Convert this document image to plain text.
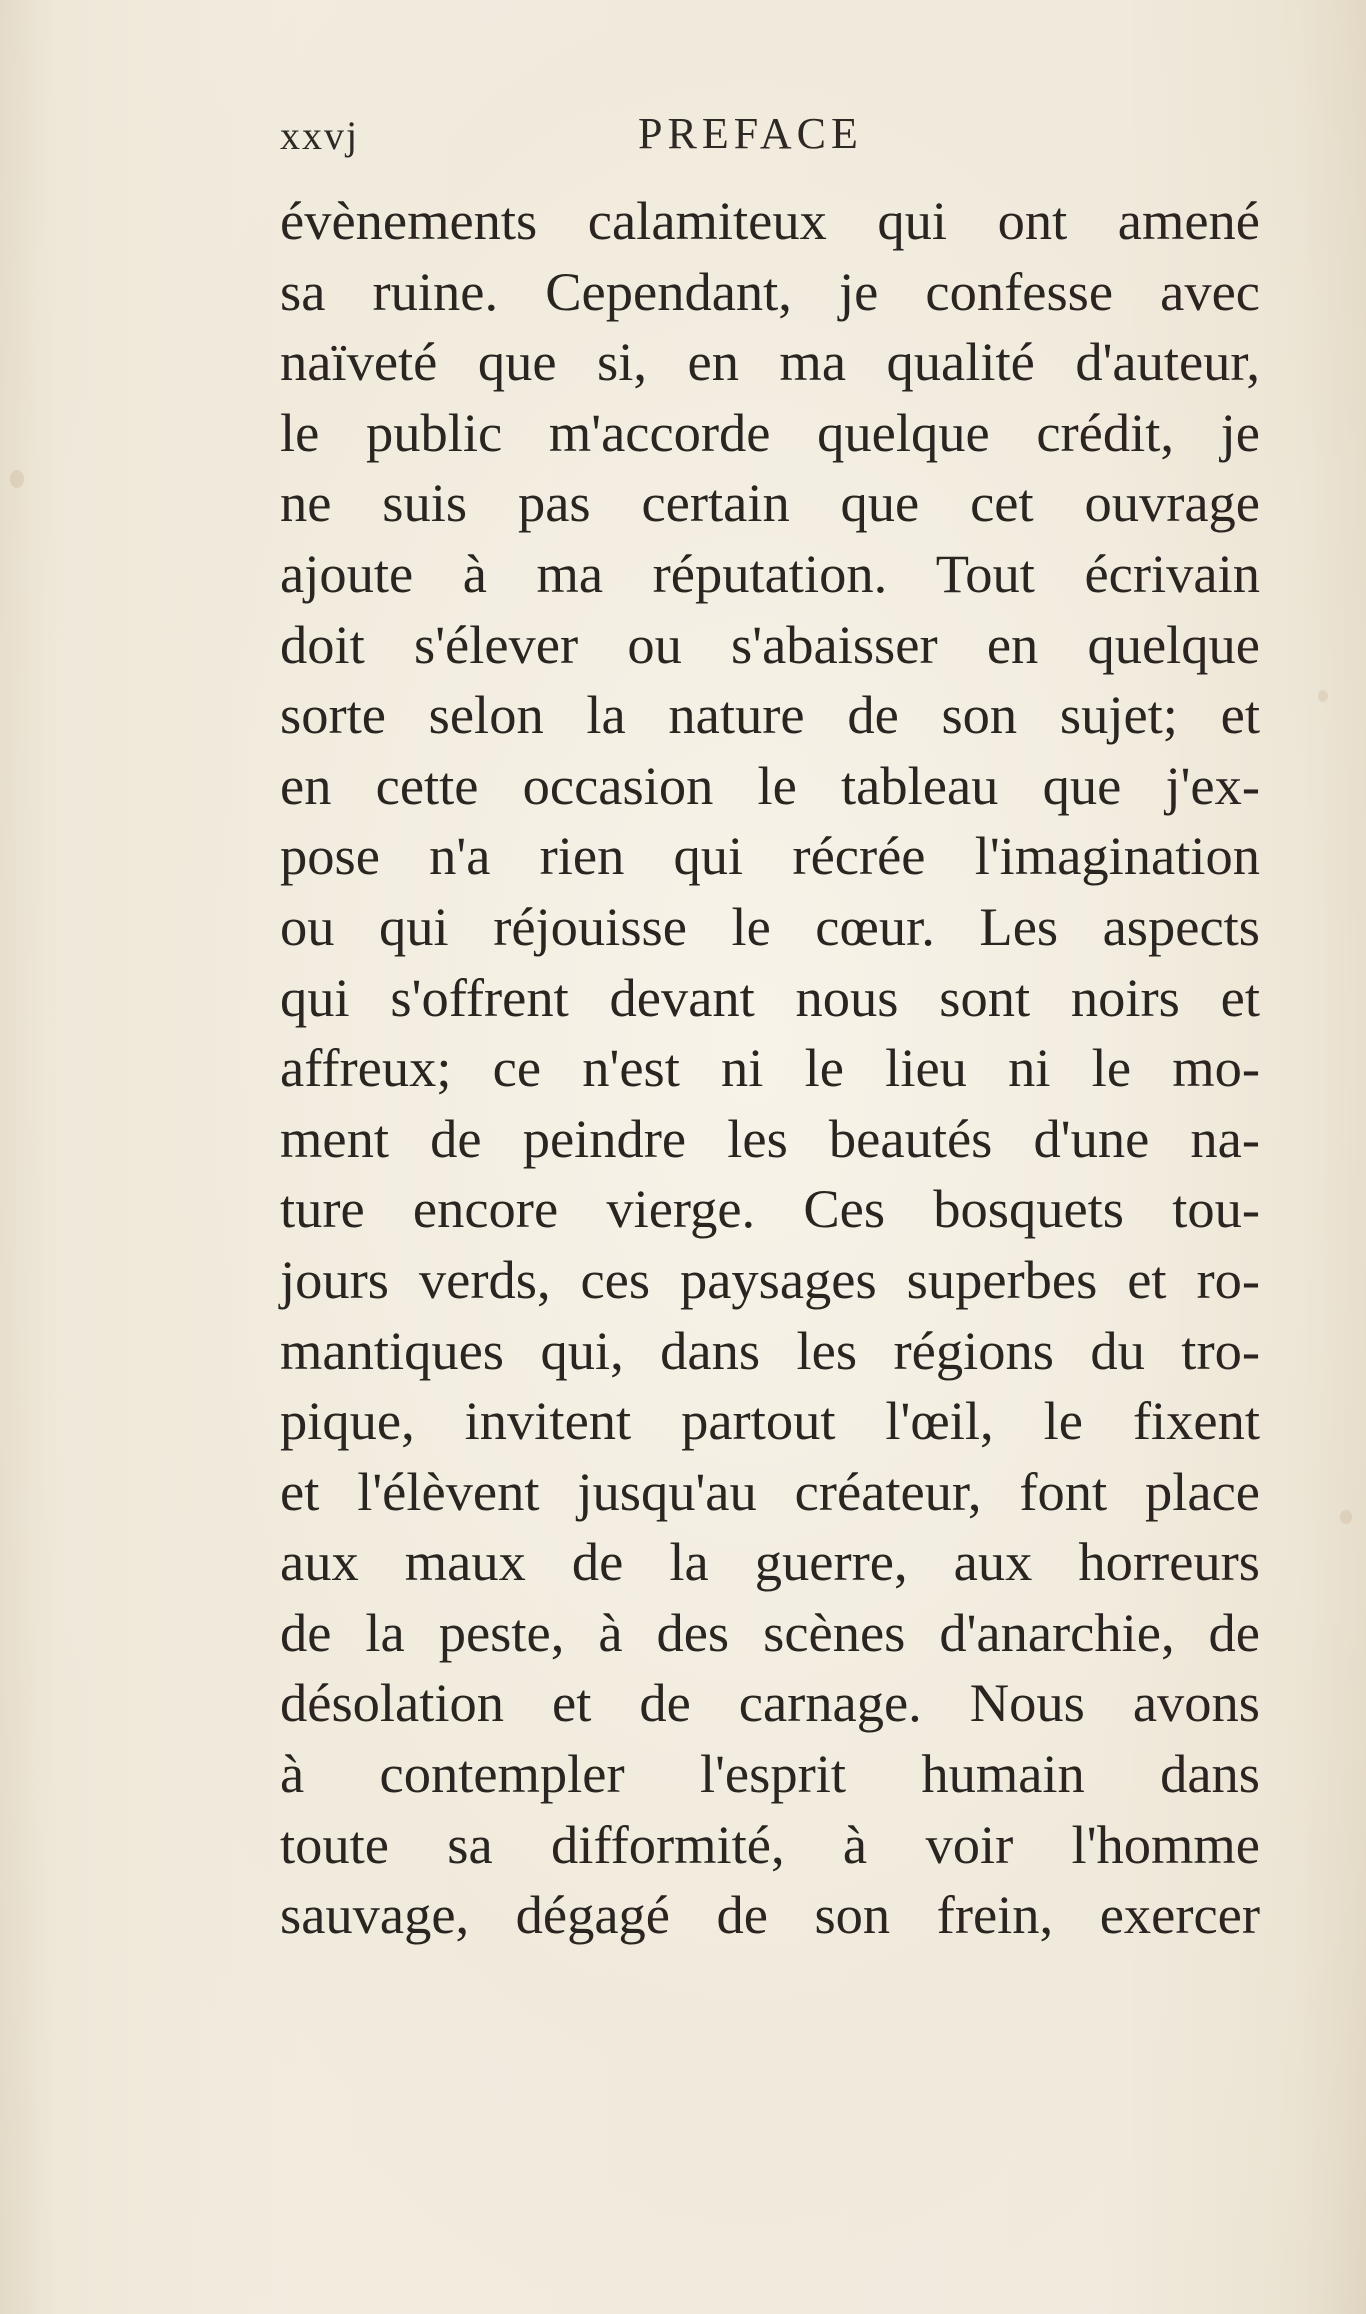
xxvj	PREFACE
évènements calamiteux qui ont amené
sa ruine. Cependant, je confesse avec
naïveté que si, en ma qualité d'auteur,
le public m'accorde quelque crédit, je
ne suis pas certain que cet ouvrage
ajoute à ma réputation. Tout écrivain
doit s'élever ou s'abaisser en quelque
sorte selon la nature de son sujet; et
en cette occasion le tableau que j'ex-
pose n'a rien qui récrée l'imagination
ou qui réjouisse le cœur. Les aspects
qui s'offrent devant nous sont noirs et
affreux; ce n'est ni le lieu ni le mo-
ment de peindre les beautés d'une na-
ture encore vierge. Ces bosquets tou-
jours verds, ces paysages superbes et ro-
mantiques qui, dans les régions du tro-
pique, invitent partout l'œil, le fixent
et l'élèvent jusqu'au créateur, font place
aux maux de la guerre, aux horreurs
de la peste, à des scènes d'anarchie, de
désolation et de carnage. Nous avons
à contempler l'esprit humain dans
toute sa difformité, à voir l'homme
sauvage, dégagé de son frein, exercer
